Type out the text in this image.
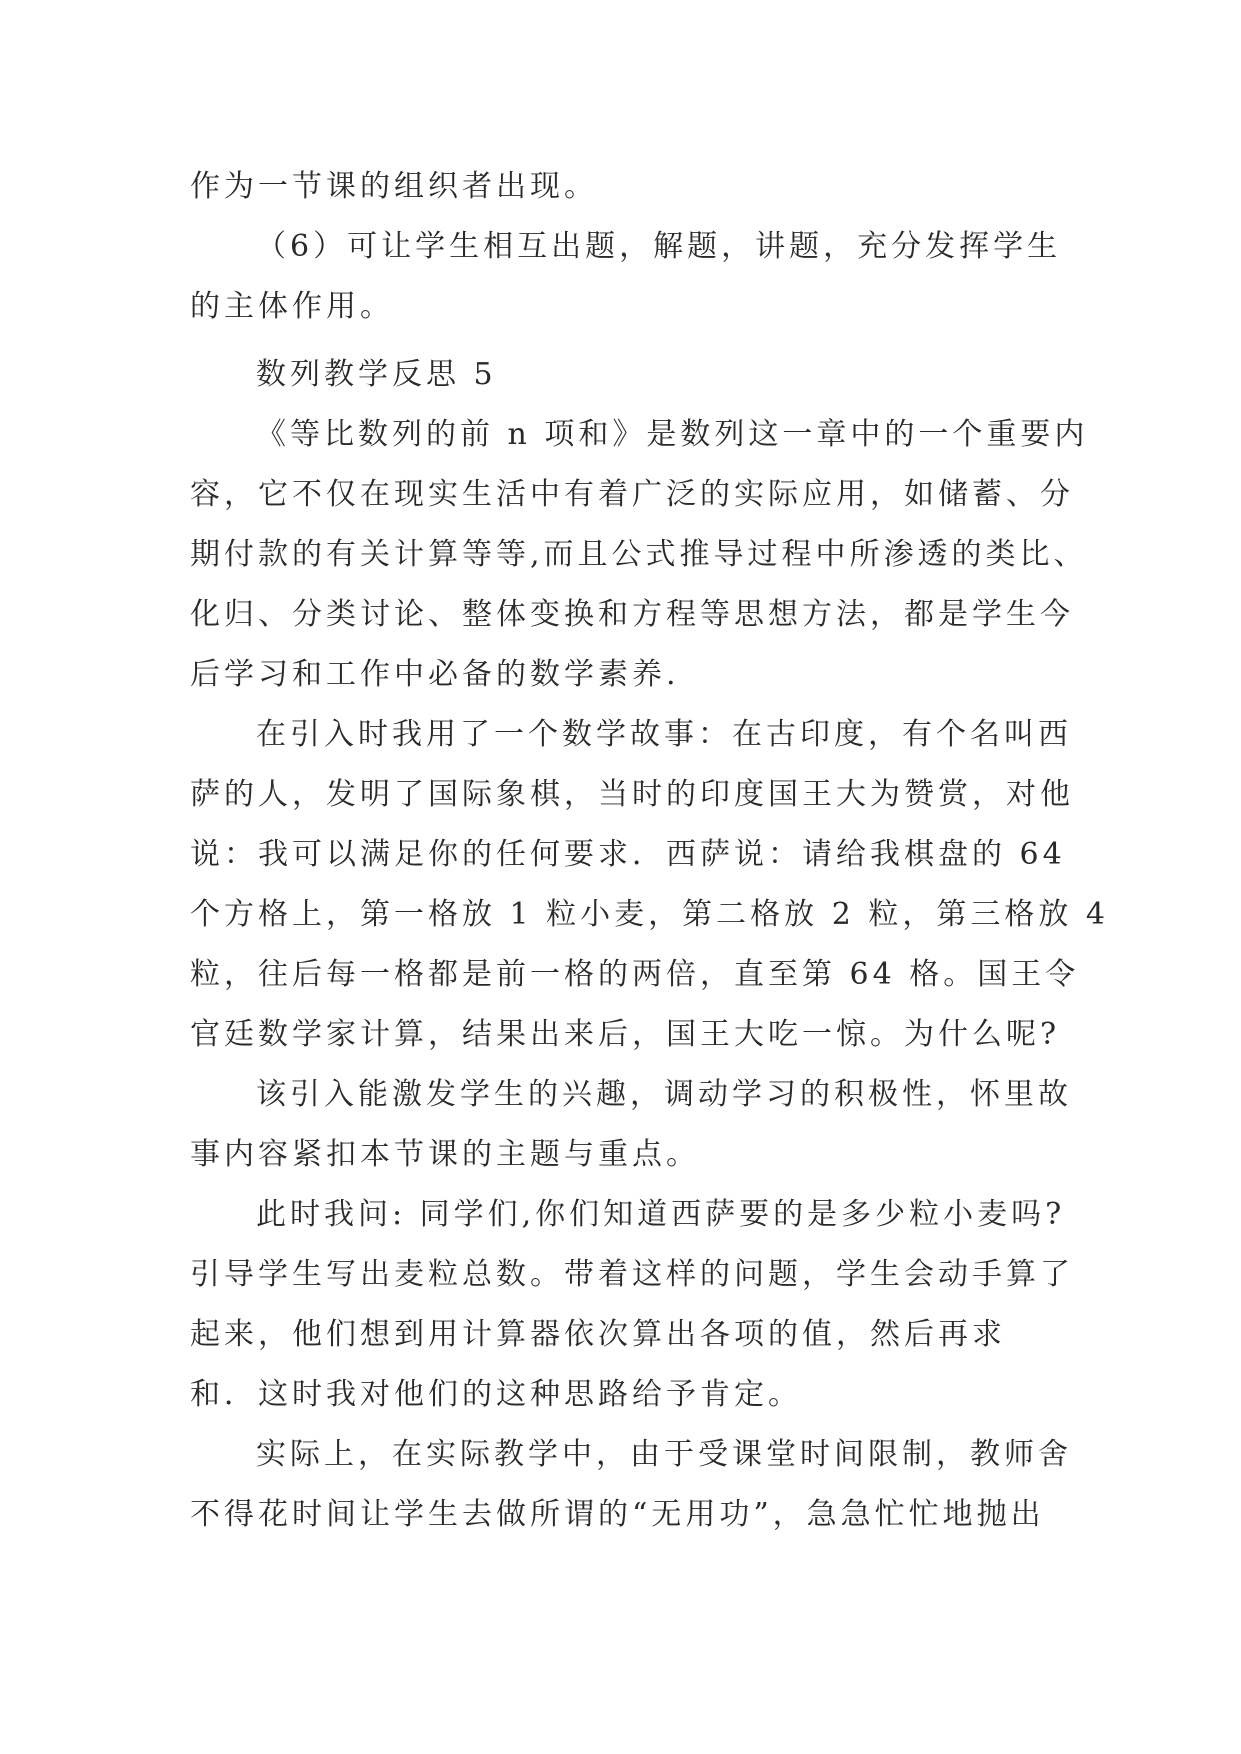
作为一节课的组织者出现。
（6）可让学生相互出题，解题，讲题，充分发挥学生
的主体作用。
数列教学反思 5
《等比数列的前 n 项和》是数列这一章中的一个重要内
容，它不仅在现实生活中有着广泛的实际应用，如储蓄、分
期付款的有关计算等等,而且公式推导过程中所渗透的类比、
化归、分类讨论、整体变换和方程等思想方法，都是学生今
后学习和工作中必备的数学素养.
在引入时我用了一个数学故事：在古印度，有个名叫西
萨的人，发明了国际象棋，当时的印度国王大为赞赏，对他
说：我可以满足你的任何要求．西萨说：请给我棋盘的 64
个方格上，第一格放 1 粒小麦，第二格放 2 粒，第三格放 4
粒，往后每一格都是前一格的两倍，直至第 64 格。国王令
官廷数学家计算，结果出来后，国王大吃一惊。为什么呢?
该引入能激发学生的兴趣，调动学习的积极性，怀里故
事内容紧扣本节课的主题与重点。
此时我问: 同学们,你们知道西萨要的是多少粒小麦吗?
引导学生写出麦粒总数。带着这样的问题，学生会动手算了
起来，他们想到用计算器依次算出各项的值，然后再求
和．这时我对他们的这种思路给予肯定。
实际上，在实际教学中，由于受课堂时间限制，教师舍
不得花时间让学生去做所谓的“无用功”，急急忙忙地抛出
